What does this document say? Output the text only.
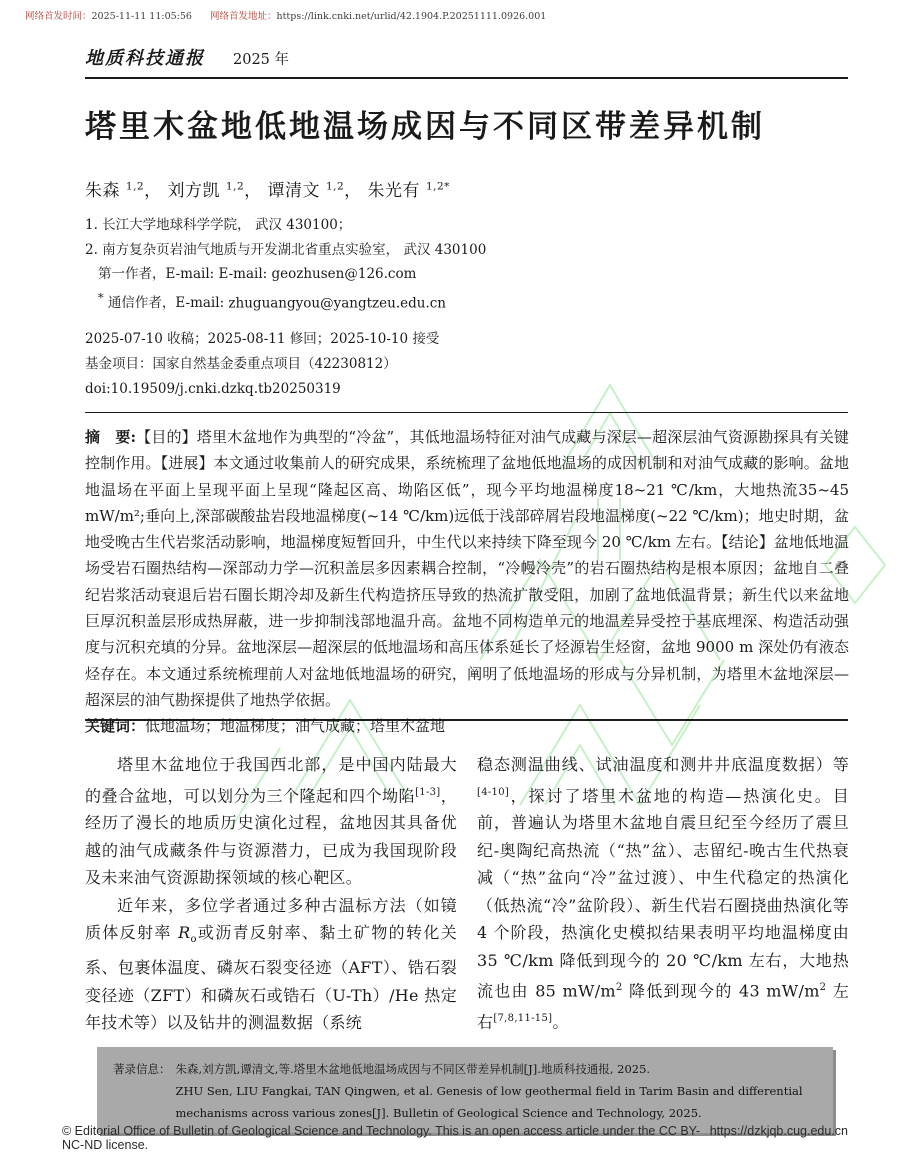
网络首发时间：2025-11-11 11:05:56 网络首发地址：https://link.cnki.net/urlid/42.1904.P.20251111.0926.001
地质科技通报 2025 年
塔里木盆地低地温场成因与不同区带差异机制
朱森 $^{1,2}$， 刘方凯 $^{1,2}$， 谭清文 $^{1,2}$， 朱光有 $^{1,2*}$
1. 长江大学地球科学学院， 武汉 430100；
2. 南方复杂页岩油气地质与开发湖北省重点实验室， 武汉 430100
第一作者，E-mail: E-mail: geozhusen@126.com
* 通信作者，E-mail: zhuguangyou@yangtzeu.edu.cn
2025-07-10 收稿；2025-08-11 修回；2025-10-10 接受
基金项目：国家自然基金委重点项目（42230812）
doi:10.19509/j.cnki.dzkq.tb20250319

摘　要:【目的】塔里木盆地作为典型的“冷盆”，其低地温场特征对油气成藏与深层—超深层油气资源勘探具有关键控制作用。【进展】本文通过收集前人的研究成果，系统梳理了盆地低地温场的成因机制和对油气成藏的影响。盆地地温场在平面上呈现平面上呈现“隆起区高、坳陷区低”，现今平均地温梯度18~21 ℃/km，大地热流35~45 mW/m²;垂向上,深部碳酸盐岩段地温梯度(~14 ℃/km)远低于浅部碎屑岩段地温梯度(~22 ℃/km)；地史时期，盆地受晚古生代岩浆活动影响，地温梯度短暂回升，中生代以来持续下降至现今 20 ℃/km 左右。【结论】盆地低地温场受岩石圈热结构—深部动力学—沉积盖层多因素耦合控制，“冷幔冷壳”的岩石圈热结构是根本原因；盆地自二叠纪岩浆活动衰退后岩石圈长期冷却及新生代构造挤压导致的热流扩散受阻，加剧了盆地低温背景；新生代以来盆地巨厚沉积盖层形成热屏蔽，进一步抑制浅部地温升高。盆地不同构造单元的地温差异受控于基底埋深、构造活动强度与沉积充填的分异。盆地深层—超深层的低地温场和高压体系延长了烃源岩生烃窗，盆地 9000 m 深处仍有液态烃存在。本文通过系统梳理前人对盆地低地温场的研究，阐明了低地温场的形成与分异机制，为塔里木盆地深层—超深层的油气勘探提供了地热学依据。

关键词：低地温场；地温梯度；油气成藏；塔里木盆地

塔里木盆地位于我国西北部，是中国内陆最大的叠合盆地，可以划分为三个隆起和四个坳陷[1-3]，经历了漫长的地质历史演化过程，盆地因其具备优越的油气成藏条件与资源潜力，已成为我国现阶段及未来油气资源勘探领域的核心靶区。

近年来，多位学者通过多种古温标方法（如镜质体反射率 $R_o$或沥青反射率、黏土矿物的转化关系、包裹体温度、磷灰石裂变径迹（AFT）、锆石裂变径迹（ZFT）和磷灰石或锆石（U-Th）/He 热定年技术等）以及钻井的测温数据（系统

稳态测温曲线、试油温度和测井井底温度数据）等[4-10]，探讨了塔里木盆地的构造—热演化史。目前，普遍认为塔里木盆地自震旦纪至今经历了震旦纪-奥陶纪高热流（“热”盆）、志留纪-晚古生代热衰减（“热”盆向“冷”盆过渡）、中生代稳定的热演化（低热流“冷”盆阶段）、新生代岩石圈挠曲热演化等 4 个阶段，热演化史模拟结果表明平均地温梯度由 35 ℃/km 降低到现今的 20 ℃/km 左右，大地热流也由 85 $mW/m^2$ 降低到现今的 43 $mW/m^2$ 左右[7,8,11-15]。

著录信息： 朱森,刘方凯,谭清文,等.塔里木盆地低地温场成因与不同区带差异机制[J].地质科技通报, 2025.

ZHU Sen, LIU Fangkai, TAN Qingwen, et al. Genesis of low geothermal field in Tarim Basin and differential mechanisms across various zones[J]. Bulletin of Geological Science and Technology, 2025.

© Editorial Office of Bulletin of Geological Science and Technology. This is an open access article under the CC BY-NC-ND license.
https://dzkjqb.cug.edu.cn
